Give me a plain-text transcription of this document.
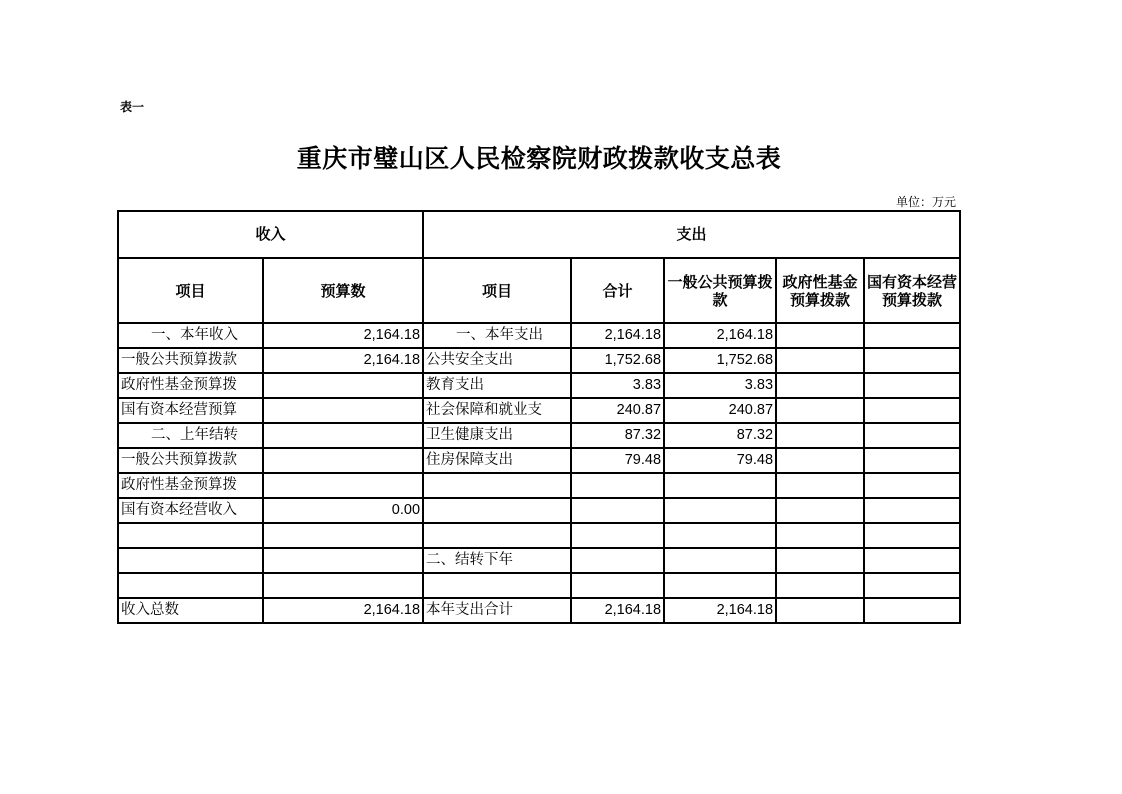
表一
重庆市璧山区人民检察院财政拨款收支总表
单位：万元
收入		支出				
项目	预算数	项目	合计	一般公共预算拨款	政府性基金预算拨款	国有资本经营预算拨款
一、本年收入	2,164.18	一、本年支出	2,164.18	2,164.18		
一般公共预算拨款	2,164.18	公共安全支出	1,752.68	1,752.68		
政府性基金预算拨		教育支出	3.83	3.83		
国有资本经营预算		社会保障和就业支	240.87	240.87		
二、上年结转		卫生健康支出	87.32	87.32		
一般公共预算拨款		住房保障支出	79.48	79.48		
政府性基金预算拨						
国有资本经营收入	0.00					

		二、结转下年				

收入总数	2,164.18	本年支出合计	2,164.18	2,164.18		
